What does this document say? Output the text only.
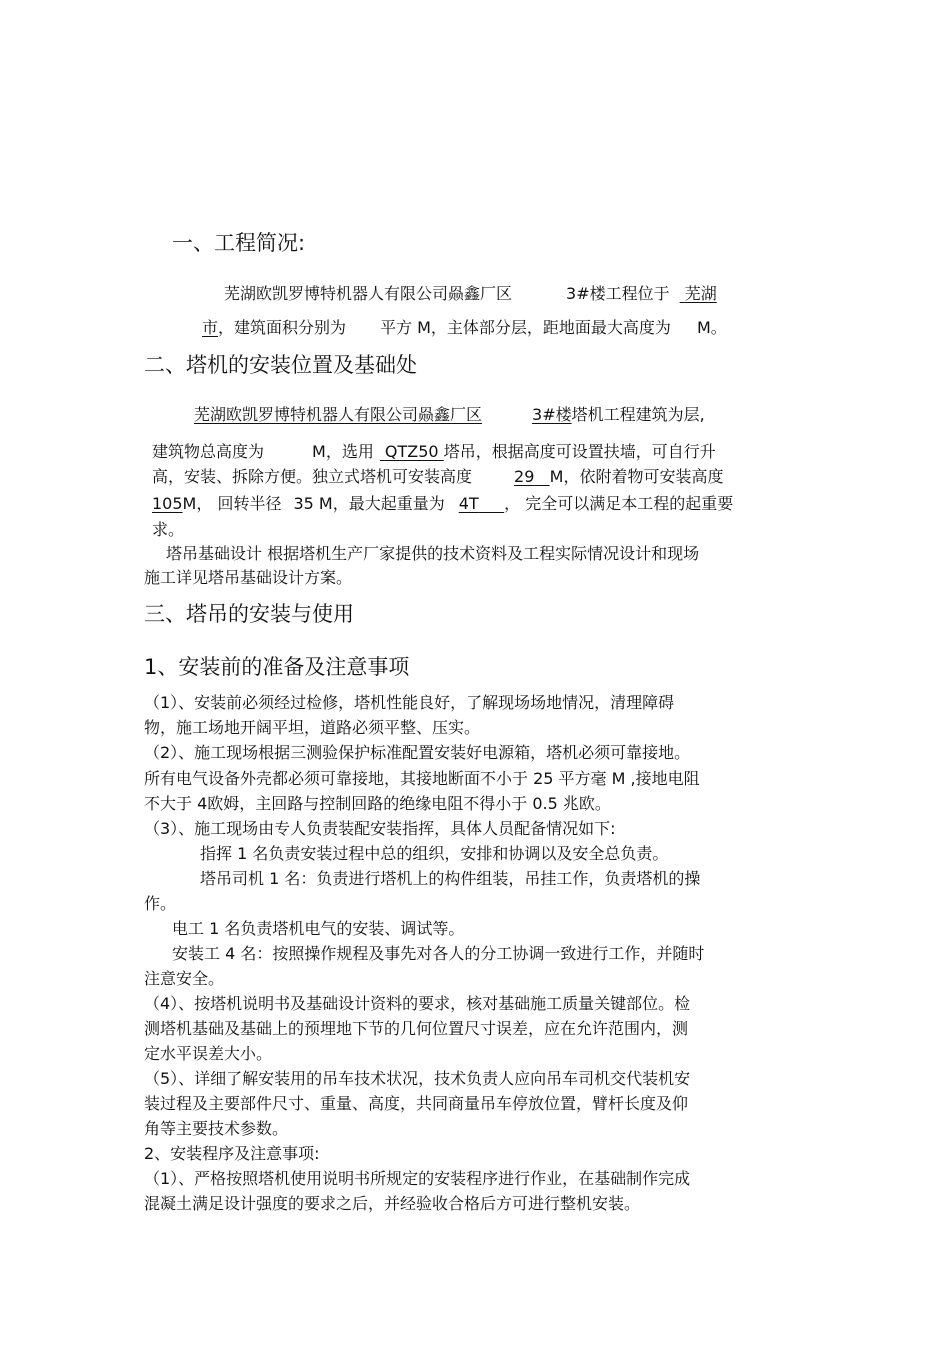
一、工程简况:
芜湖欧凯罗博特机器人有限公司赑鑫厂区	3#楼工程位于 芜湖
市，建筑面积分别为 平方 M，主体部分层，距地面最大高度为 M。
二、塔机的安装位置及基础处
芜湖欧凯罗博特机器人有限公司赑鑫厂区	3#楼塔机工程建筑为层,
建筑物总高度为	M，选用 QTZ50 塔吊，根据高度可设置扶墙，可自行升
高，安装、拆除方便。独立式塔机可安装高度	29 M，依附着物可安装高度
105M， 回转半径 35 M，最大起重量为 4T ， 完全可以满足本工程的起重要
求。
塔吊基础设计 根据塔机生产厂家提供的技术资料及工程实际情况设计和现场
施工详见塔吊基础设计方案。
三、塔吊的安装与使用
1、安装前的准备及注意事项
（1）、安装前必须经过检修，塔机性能良好，了解现场场地情况，清理障碍
物，施工场地开阔平坦，道路必须平整、压实。
（2）、施工现场根据三测验保护标准配置安装好电源箱，塔机必须可靠接地。
所有电气设备外壳都必须可靠接地，其接地断面不小于 25 平方毫 M ,接地电阻
不大于 4欧姆，主回路与控制回路的绝缘电阻不得小于 0.5 兆欧。
（3）、施工现场由专人负责装配安装指挥，具体人员配备情况如下:
指挥 1 名负责安装过程中总的组织，安排和协调以及安全总负责。
塔吊司机 1 名：负责进行塔机上的构件组装，吊挂工作，负责塔机的操
作。
电工 1 名负责塔机电气的安装、调试等。
安装工 4 名：按照操作规程及事先对各人的分工协调一致进行工作，并随时
注意安全。
（4）、按塔机说明书及基础设计资料的要求，核对基础施工质量关键部位。检
测塔机基础及基础上的预埋地下节的几何位置尺寸误差，应在允许范围内，测
定水平误差大小。
（5）、详细了解安装用的吊车技术状况，技术负责人应向吊车司机交代装机安
装过程及主要部件尺寸、重量、高度，共同商量吊车停放位置，臂杆长度及仰
角等主要技术参数。
2、安装程序及注意事项:
（1）、严格按照塔机使用说明书所规定的安装程序进行作业，在基础制作完成
混凝土满足设计强度的要求之后，并经验收合格后方可进行整机安装。
